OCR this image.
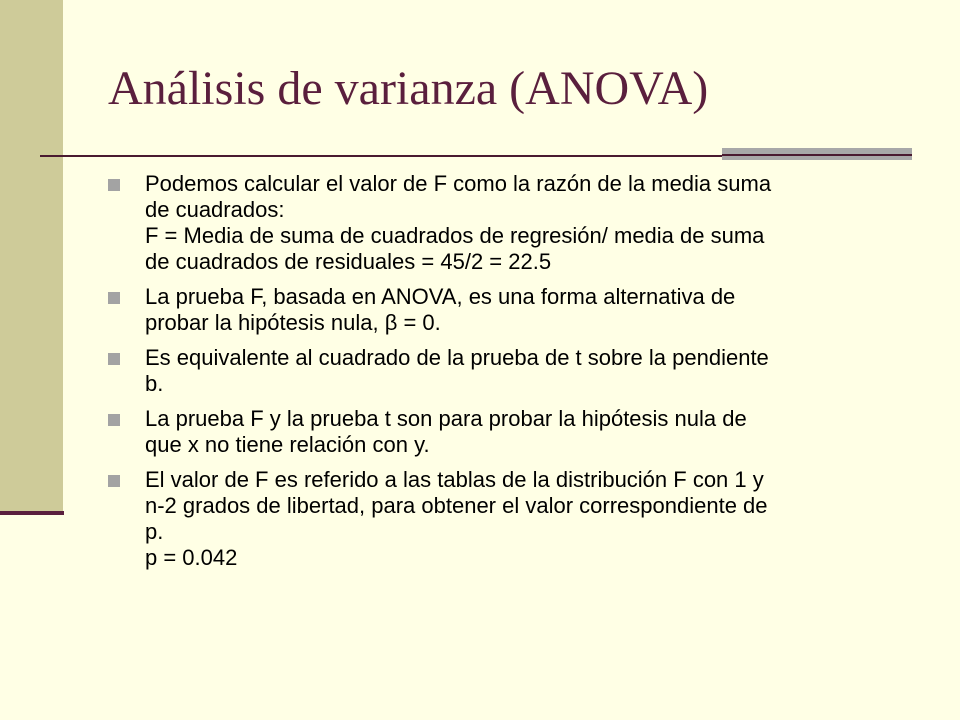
Análisis de varianza (ANOVA)
Podemos calcular el valor de F como la razón de la media suma
de cuadrados:
F = Media de suma de cuadrados de regresión/ media de suma
de cuadrados de residuales = 45/2 = 22.5
La prueba F, basada en ANOVA, es una forma alternativa de
probar la hipótesis nula, β = 0.
Es equivalente al cuadrado de la prueba de t sobre la pendiente
b.
La prueba F y la prueba t son para probar la hipótesis nula de
que x no tiene relación con y.
El valor de F es referido a las tablas de la distribución F con 1 y
n-2 grados de libertad, para obtener el valor correspondiente de
p.
p = 0.042
